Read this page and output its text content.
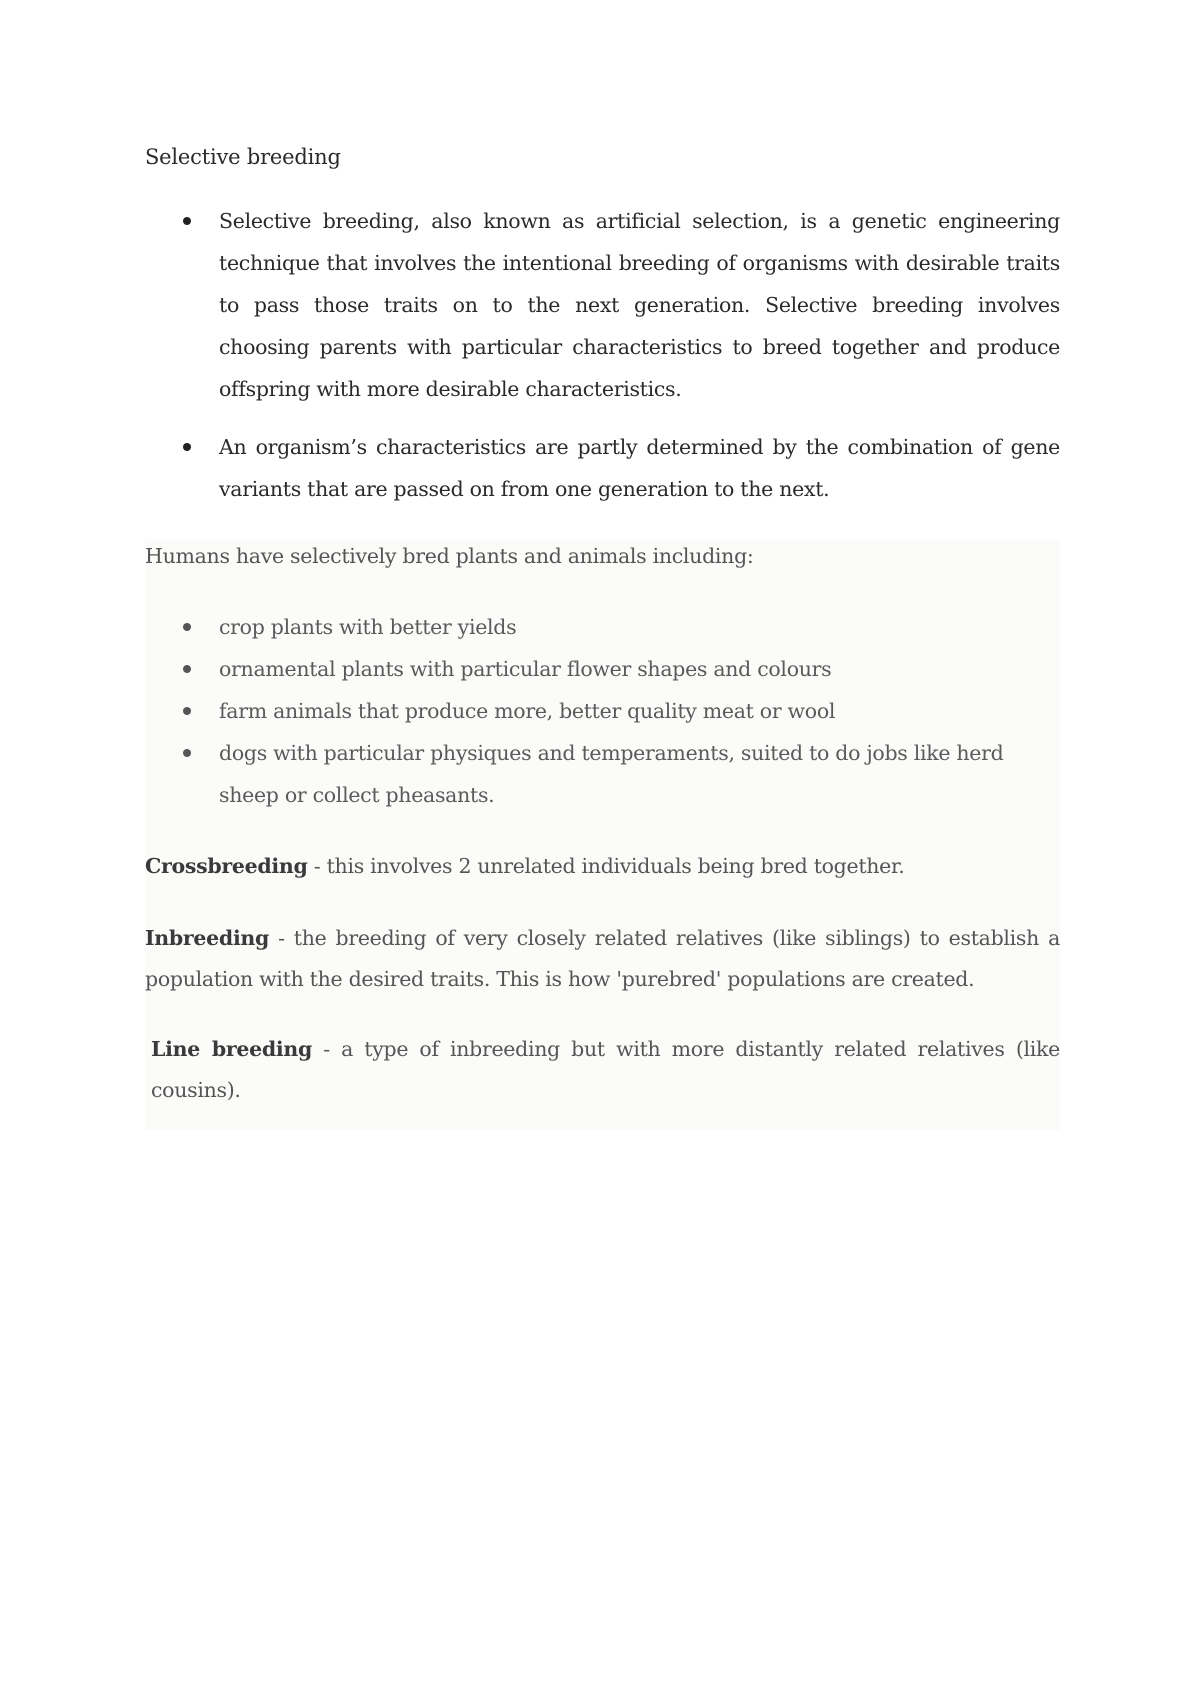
Selective breeding
Selective breeding, also known as artificial selection, is a genetic engineering technique that involves the intentional breeding of organisms with desirable traits to pass those traits on to the next generation. Selective breeding involves choosing parents with particular characteristics to breed together and produce offspring with more desirable characteristics.
An organism’s characteristics are partly determined by the combination of gene variants that are passed on from one generation to the next.
Humans have selectively bred plants and animals including:
crop plants with better yields
ornamental plants with particular flower shapes and colours
farm animals that produce more, better quality meat or wool
dogs with particular physiques and temperaments, suited to do jobs like herd sheep or collect pheasants.
Crossbreeding - this involves 2 unrelated individuals being bred together.
Inbreeding - the breeding of very closely related relatives (like siblings) to establish a population with the desired traits. This is how 'purebred' populations are created.
Line breeding - a type of inbreeding but with more distantly related relatives (like cousins).
